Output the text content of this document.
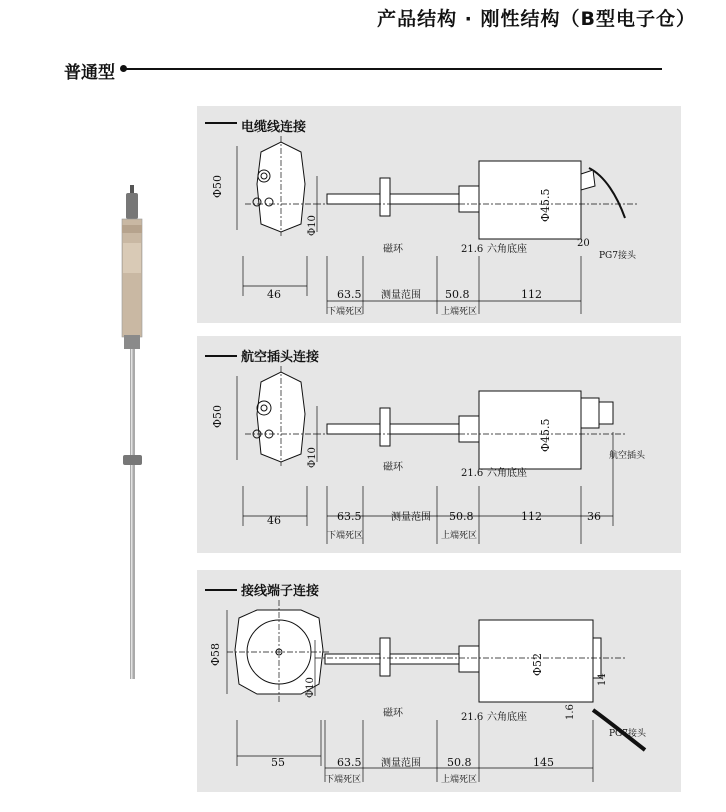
产品结构 · 刚性结构（B型电子仓）
普通型
Φ50
Φ10
Φ45.5
46	63.5 测量范围 50.8	112
21.6
20
磁环	六角底座
PG7接头
下端死区	上端死区
电缆线连接
Φ50
Φ10
Φ45.5
46	63.5	测量范围 50.8	112	36
21.6
磁环
六角底座
航空插头
下端死区	上端死区
航空插头连接
Φ58
Φ10
Φ52
55	63.5 测量范围 50.8	145
21.6	1.6
14
磁环	六角底座
PG7接头
下端死区	上端死区
接线端子连接
